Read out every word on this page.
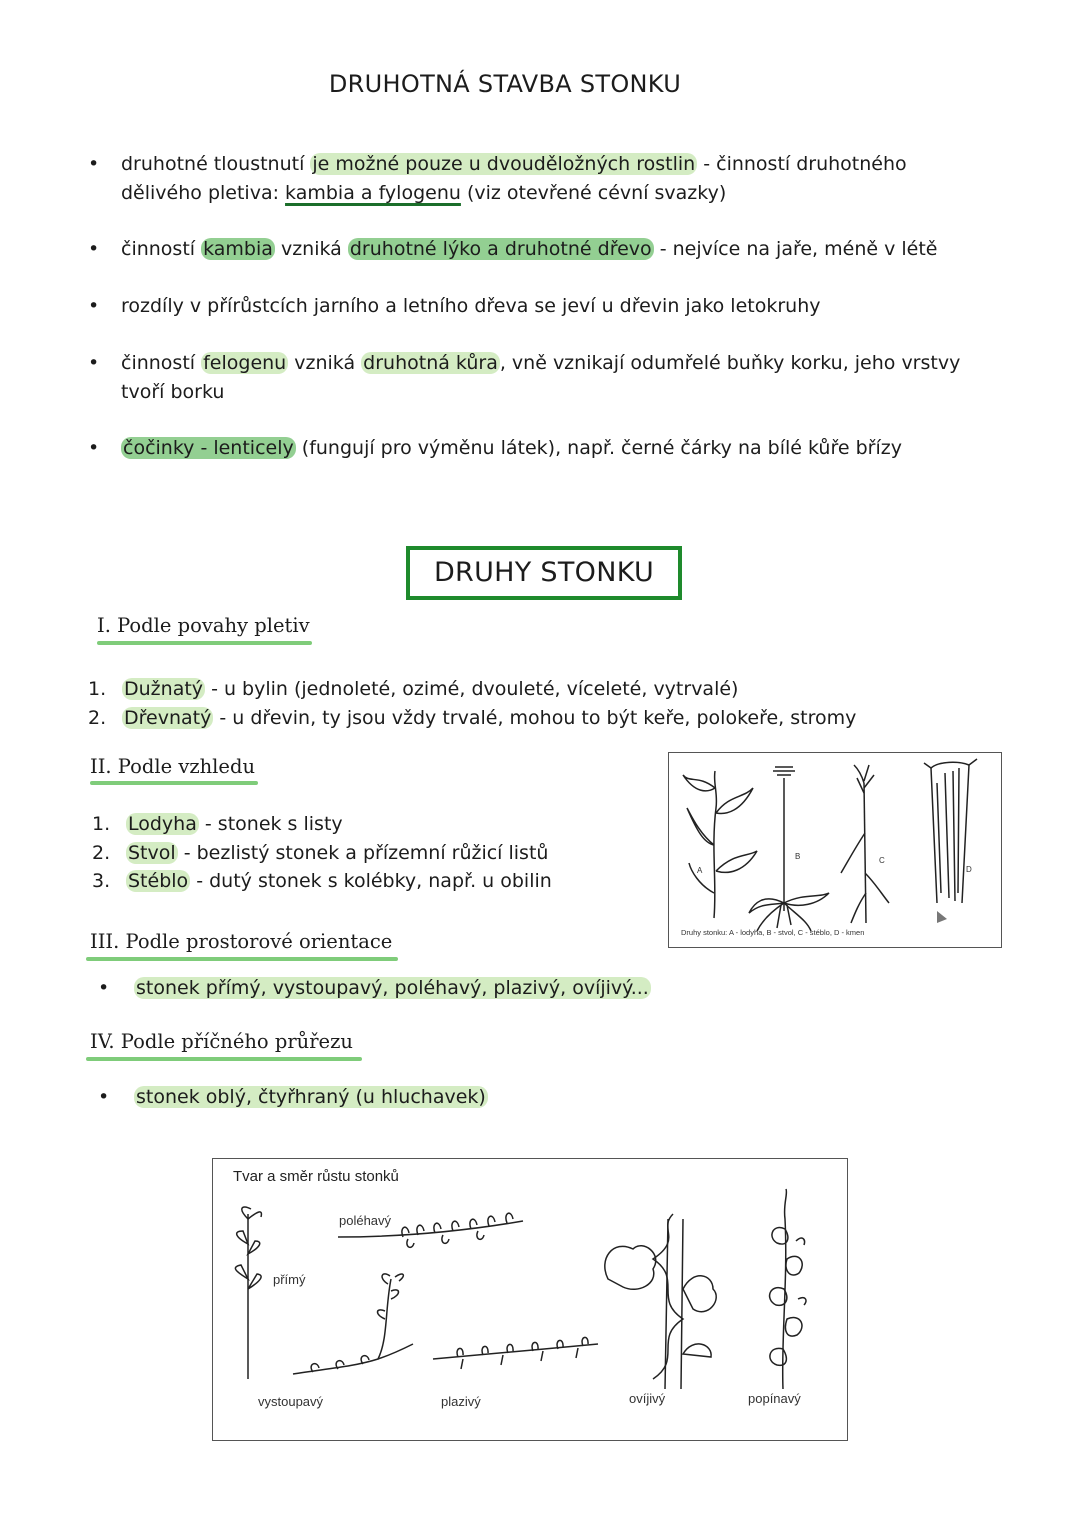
DRUHOTNÁ STAVBA STONKU
• druhotné tloustnutí je možné pouze u dvouděložných rostlin - činností druhotného
dělivého pletiva: kambia a fylogenu (viz otevřené cévní svazky)
• činností kambia vzniká druhotné lýko a druhotné dřevo - nejvíce na jaře, méně v létě
• rozdíly v přírůstcích jarního a letního dřeva se jeví u dřevin jako letokruhy
• činností felogenu vzniká druhotná kůra , vně vznikají odumřelé buňky korku, jeho vrstvy
tvoří borku
• čočinky - lenticely (fungují pro výměnu látek), např. černé čárky na bílé kůře břízy
DRUHY STONKU
I. Podle povahy pletiv
1. Dužnatý - u bylin (jednoleté, ozimé, dvouleté, víceleté, vytrvalé)
2. Dřevnatý - u dřevin, ty jsou vždy trvalé, mohou to být keře, polokeře, stromy
II. Podle vzhledu
1. Lodyha - stonek s listy
2. Stvol - bezlistý stonek a přízemní růžicí listů
3. Stéblo - dutý stonek s kolébky, např. u obilin	A
B	C
D
Druhy stonku: A - lodyha, B - stvol, C - stéblo, D - kmen
III. Podle prostorové orientace
• stonek přímý, vystoupavý, poléhavý, plazivý, ovíjivý...
IV. Podle příčného průřezu
• stonek oblý, čtyřhraný (u hluchavek)
Tvar a směr růstu stonků
přímý
poléhavý
vystoupavý	plazivý	ovíjivý	popínavý
